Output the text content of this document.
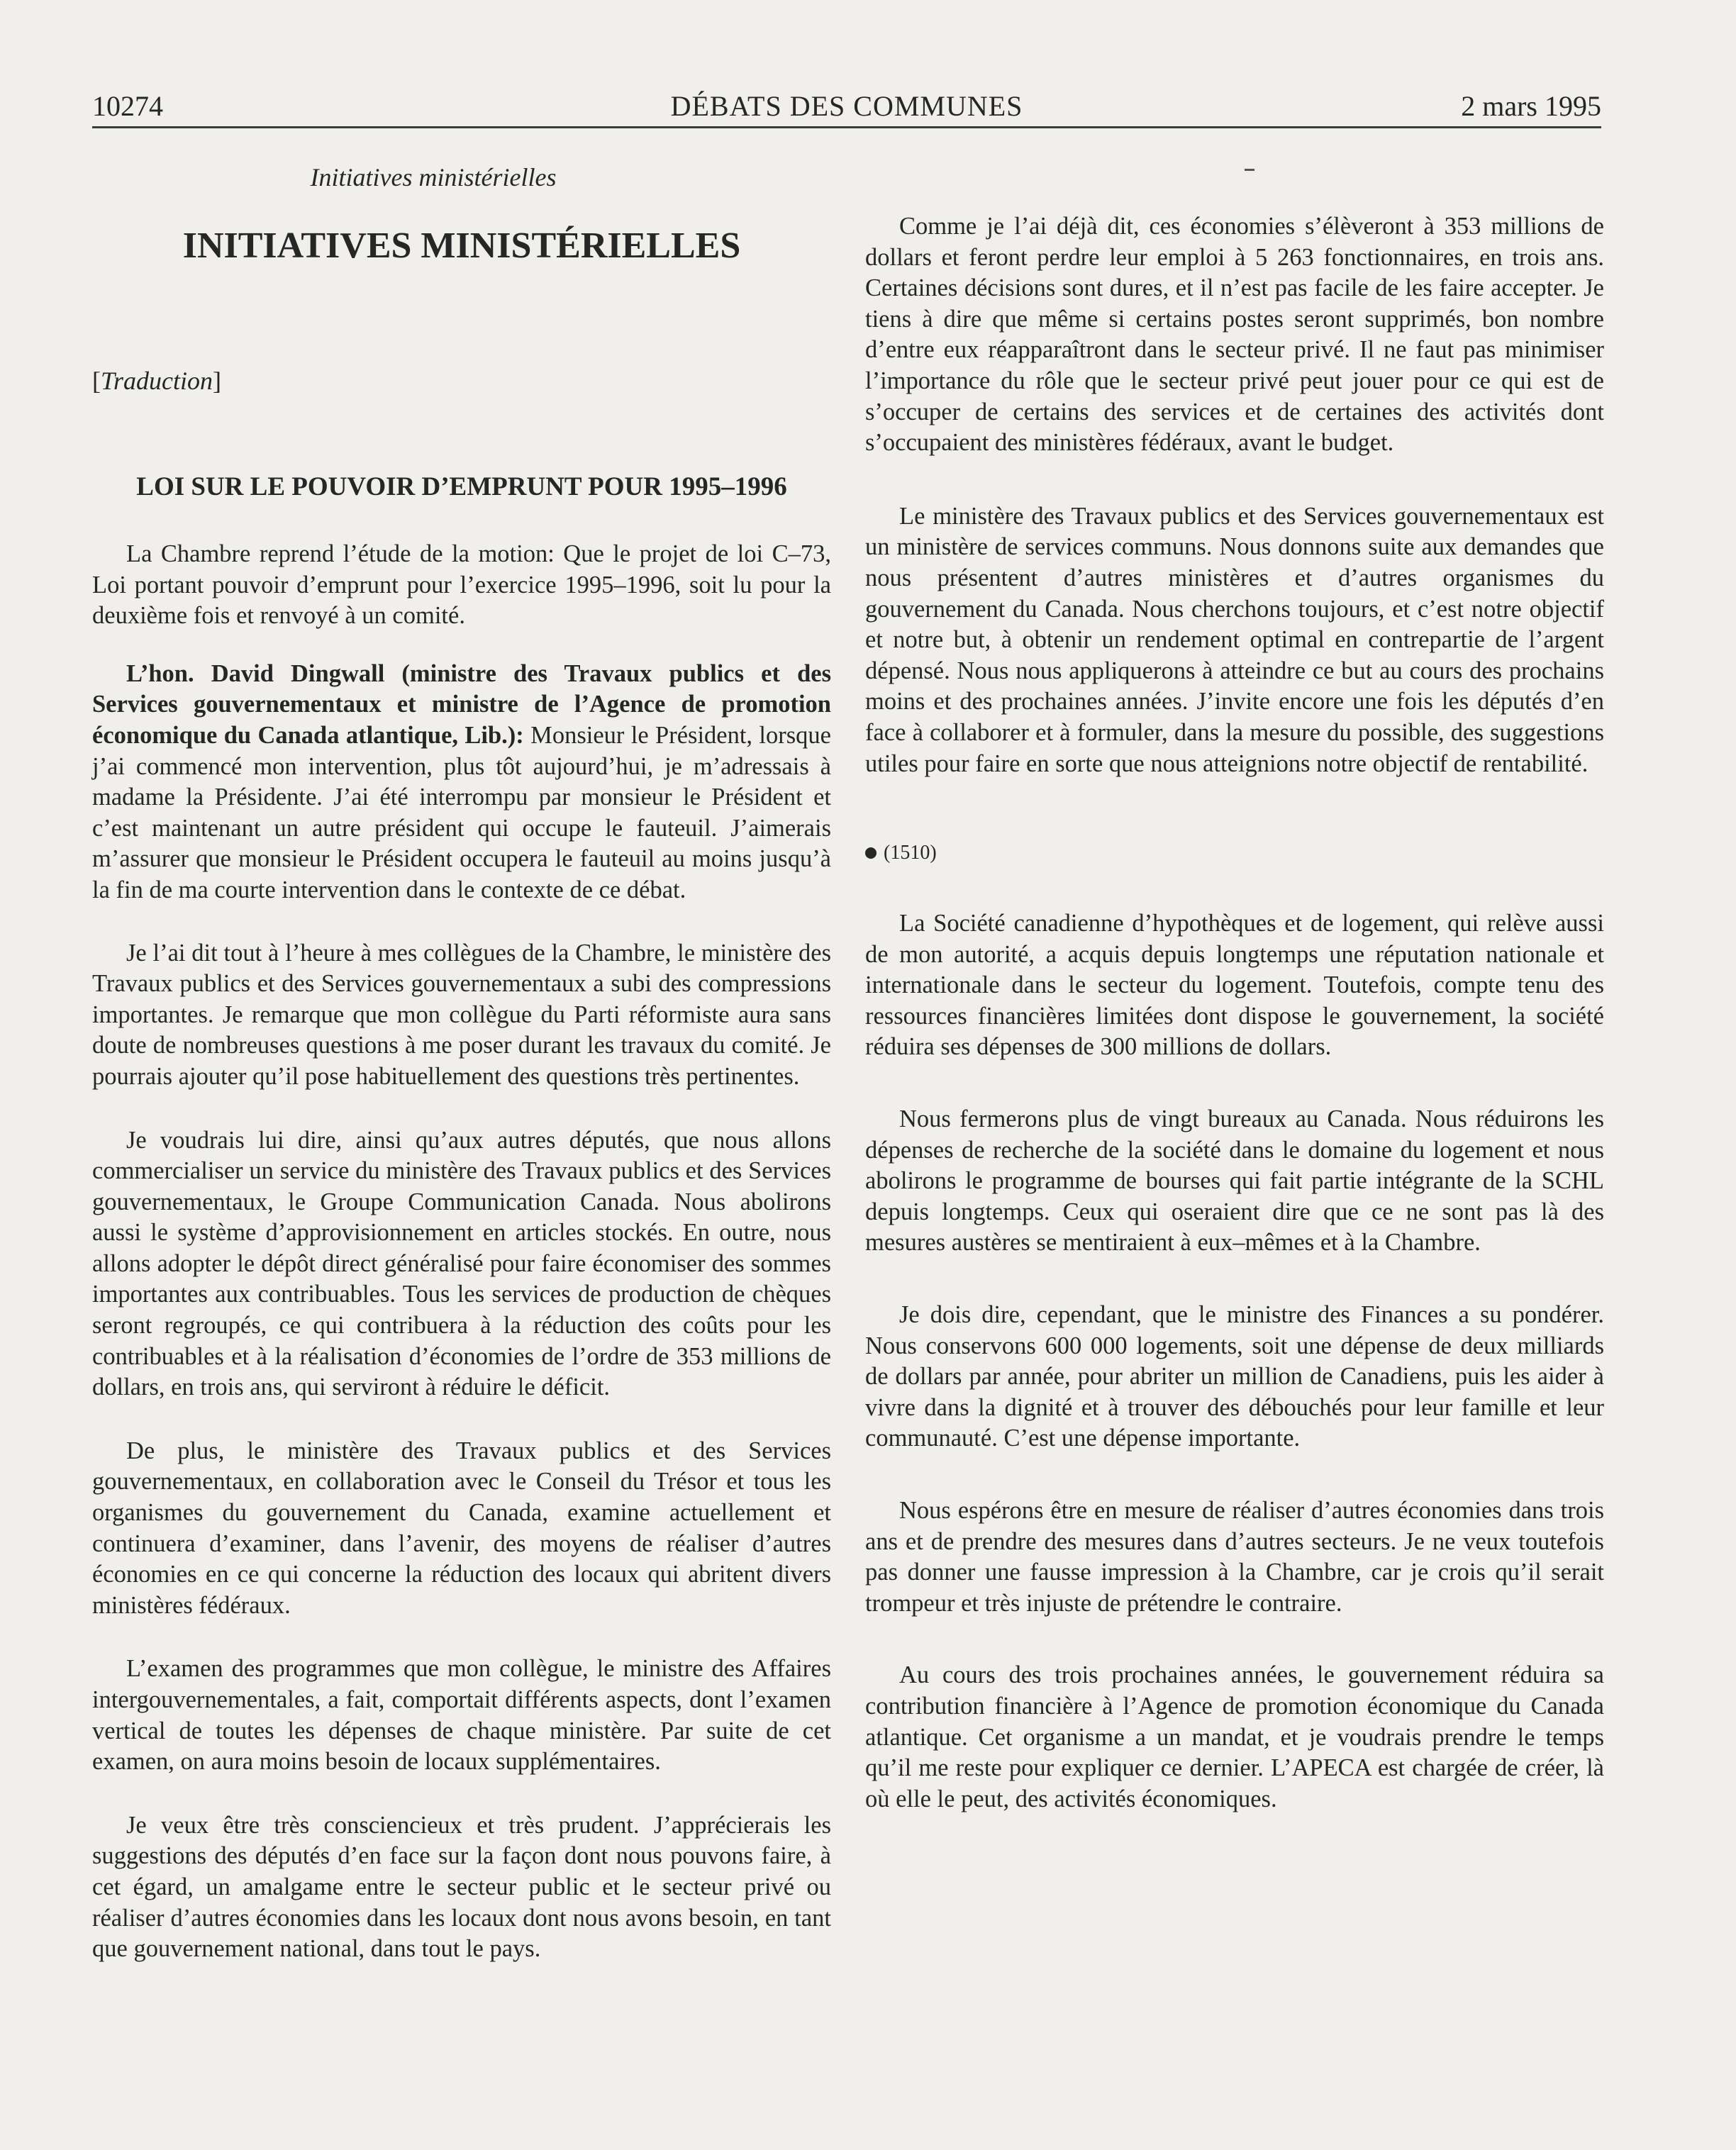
10274	DÉBATS DES COMMUNES	2 mars 1995
Initiatives ministérielles
INITIATIVES MINISTÉRIELLES
[Traduction]
LOI SUR LE POUVOIR D’EMPRUNT POUR 1995–1996

La Chambre reprend l’étude de la motion: Que le projet de loi C–73, Loi portant pouvoir d’emprunt pour l’exercice 1995–1996, soit lu pour la deuxième fois et renvoyé à un comité.

L’hon. David Dingwall (ministre des Travaux publics et des Services gouvernementaux et ministre de l’Agence de promotion économique du Canada atlantique, Lib.): Monsieur le Président, lorsque j’ai commencé mon intervention, plus tôt aujourd’hui, je m’adressais à madame la Présidente. J’ai été interrompu par monsieur le Président et c’est maintenant un autre président qui occupe le fauteuil. J’aimerais m’assurer que monsieur le Président occupera le fauteuil au moins jusqu’à la fin de ma courte intervention dans le contexte de ce débat.

Je l’ai dit tout à l’heure à mes collègues de la Chambre, le ministère des Travaux publics et des Services gouvernementaux a subi des compressions importantes. Je remarque que mon collègue du Parti réformiste aura sans doute de nombreuses questions à me poser durant les travaux du comité. Je pourrais ajouter qu’il pose habituellement des questions très pertinentes.

Je voudrais lui dire, ainsi qu’aux autres députés, que nous allons commercialiser un service du ministère des Travaux publics et des Services gouvernementaux, le Groupe Communication Canada. Nous abolirons aussi le système d’approvisionnement en articles stockés. En outre, nous allons adopter le dépôt direct généralisé pour faire économiser des sommes importantes aux contribuables. Tous les services de production de chèques seront regroupés, ce qui contribuera à la réduction des coûts pour les contribuables et à la réalisation d’économies de l’ordre de 353 millions de dollars, en trois ans, qui serviront à réduire le déficit.

De plus, le ministère des Travaux publics et des Services gouvernementaux, en collaboration avec le Conseil du Trésor et tous les organismes du gouvernement du Canada, examine actuellement et continuera d’examiner, dans l’avenir, des moyens de réaliser d’autres économies en ce qui concerne la réduction des locaux qui abritent divers ministères fédéraux.

L’examen des programmes que mon collègue, le ministre des Affaires intergouvernementales, a fait, comportait différents aspects, dont l’examen vertical de toutes les dépenses de chaque ministère. Par suite de cet examen, on aura moins besoin de locaux supplémentaires.

Je veux être très consciencieux et très prudent. J’apprécierais les suggestions des députés d’en face sur la façon dont nous pouvons faire, à cet égard, un amalgame entre le secteur public et le secteur privé ou réaliser d’autres économies dans les locaux dont nous avons besoin, en tant que gouvernement national, dans tout le pays.

Comme je l’ai déjà dit, ces économies s’élèveront à 353 millions de dollars et feront perdre leur emploi à 5 263 fonctionnaires, en trois ans. Certaines décisions sont dures, et il n’est pas facile de les faire accepter. Je tiens à dire que même si certains postes seront supprimés, bon nombre d’entre eux réapparaîtront dans le secteur privé. Il ne faut pas minimiser l’importance du rôle que le secteur privé peut jouer pour ce qui est de s’occuper de certains des services et de certaines des activités dont s’occupaient des ministères fédéraux, avant le budget.

Le ministère des Travaux publics et des Services gouvernementaux est un ministère de services communs. Nous donnons suite aux demandes que nous présentent d’autres ministères et d’autres organismes du gouvernement du Canada. Nous cherchons toujours, et c’est notre objectif et notre but, à obtenir un rendement optimal en contrepartie de l’argent dépensé. Nous nous appliquerons à atteindre ce but au cours des prochains moins et des prochaines années. J’invite encore une fois les députés d’en face à collaborer et à formuler, dans la mesure du possible, des suggestions utiles pour faire en sorte que nous atteignions notre objectif de rentabilité.

(1510)

La Société canadienne d’hypothèques et de logement, qui relève aussi de mon autorité, a acquis depuis longtemps une réputation nationale et internationale dans le secteur du logement. Toutefois, compte tenu des ressources financières limitées dont dispose le gouvernement, la société réduira ses dépenses de 300 millions de dollars.

Nous fermerons plus de vingt bureaux au Canada. Nous réduirons les dépenses de recherche de la société dans le domaine du logement et nous abolirons le programme de bourses qui fait partie intégrante de la SCHL depuis longtemps. Ceux qui oseraient dire que ce ne sont pas là des mesures austères se mentiraient à eux–mêmes et à la Chambre.

Je dois dire, cependant, que le ministre des Finances a su pondérer. Nous conservons 600 000 logements, soit une dépense de deux milliards de dollars par année, pour abriter un million de Canadiens, puis les aider à vivre dans la dignité et à trouver des débouchés pour leur famille et leur communauté. C’est une dépense importante.

Nous espérons être en mesure de réaliser d’autres économies dans trois ans et de prendre des mesures dans d’autres secteurs. Je ne veux toutefois pas donner une fausse impression à la Chambre, car je crois qu’il serait trompeur et très injuste de prétendre le contraire.

Au cours des trois prochaines années, le gouvernement réduira sa contribution financière à l’Agence de promotion économique du Canada atlantique. Cet organisme a un mandat, et je voudrais prendre le temps qu’il me reste pour expliquer ce dernier. L’APECA est chargée de créer, là où elle le peut, des activités économiques.
